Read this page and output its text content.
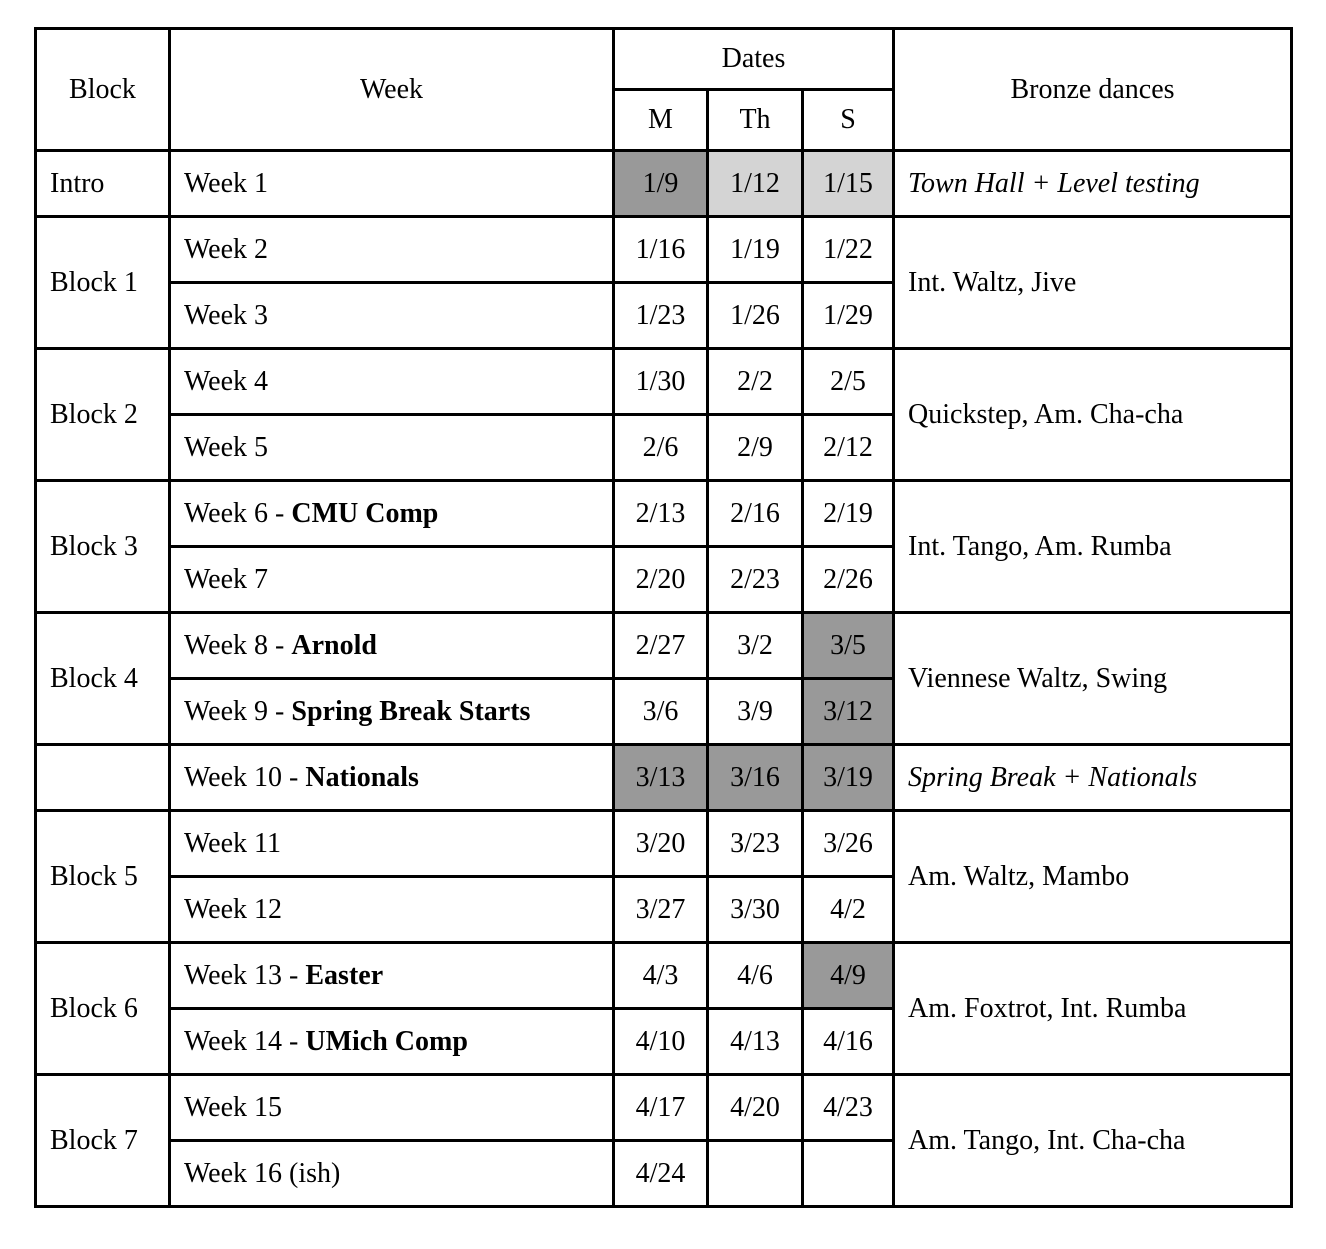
Block	Week	Dates			Bronze dances
		M	Th	S	
Intro	Week 1	1/9	1/12	1/15	Town Hall + Level testing
Block 1	Week 2	1/16	1/19	1/22	Int. Waltz, Jive
	Week 3	1/23	1/26	1/29	
Block 2	Week 4	1/30	2/2	2/5	Quickstep, Am. Cha-cha
	Week 5	2/6	2/9	2/12	
Block 3	Week 6 - CMU Comp	2/13	2/16	2/19	Int. Tango, Am. Rumba
	Week 7	2/20	2/23	2/26	
Block 4	Week 8 - Arnold	2/27	3/2	3/5	Viennese Waltz, Swing
	Week 9 - Spring Break Starts	3/6	3/9	3/12	
	Week 10 - Nationals	3/13	3/16	3/19	Spring Break + Nationals
Block 5	Week 11	3/20	3/23	3/26	Am. Waltz, Mambo
	Week 12	3/27	3/30	4/2	
Block 6	Week 13 - Easter	4/3	4/6	4/9	Am. Foxtrot, Int. Rumba
	Week 14 - UMich Comp	4/10	4/13	4/16	
Block 7	Week 15	4/17	4/20	4/23	Am. Tango, Int. Cha-cha
	Week 16 (ish)	4/24			
